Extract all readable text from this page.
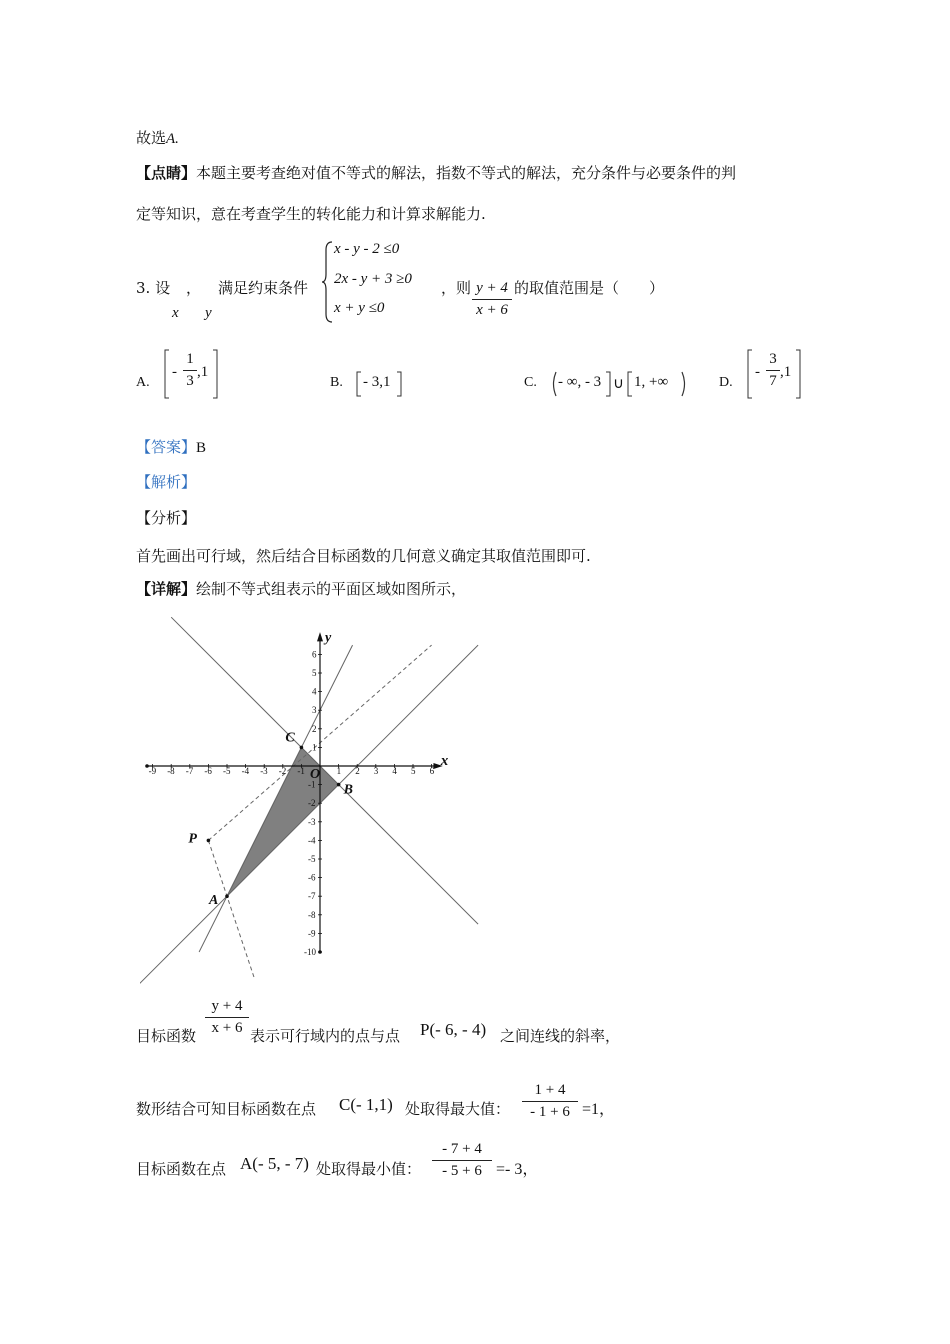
故选A.
【点睛】本题主要考查绝对值不等式的解法，指数不等式的解法，充分条件与必要条件的判
定等知识，意在考查学生的转化能力和计算求解能力.
3. 设 ， 满足约束条件
x y
x - y - 2 ≤0
2x - y + 3 ≥0
x + y ≤0
，则 y + 4
x + 6
的取值范围是（　　）
A.
-
1
3
,1
B. - 3,1	C. - ∞, - 3 ∪ 1, +∞	D.
-
3
7
,1
【答案】B
【解析】
【分析】
首先画出可行域，然后结合目标函数的几何意义确定其取值范围即可.
【详解】绘制不等式组表示的平面区域如图所示，
-9 -8 -7 -6 -5 -4 -3 -2 -1	1 2 3 4 5 6
6
5
4
3
2
1
-1
-2
-3
-4
-5
-6
-7
-8
-9
-10
x
y
O
C
B
A
P
目标函数
y + 4
x + 6 表示可行域内的点与点 P(- 6, - 4) 之间连线的斜率，
数形结合可知目标函数在点 C(- 1,1) 处取得最大值：
1 + 4
- 1 + 6 =1，
目标函数在点 A(- 5, - 7) 处取得最小值：
- 7 + 4
- 5 + 6 =- 3，
